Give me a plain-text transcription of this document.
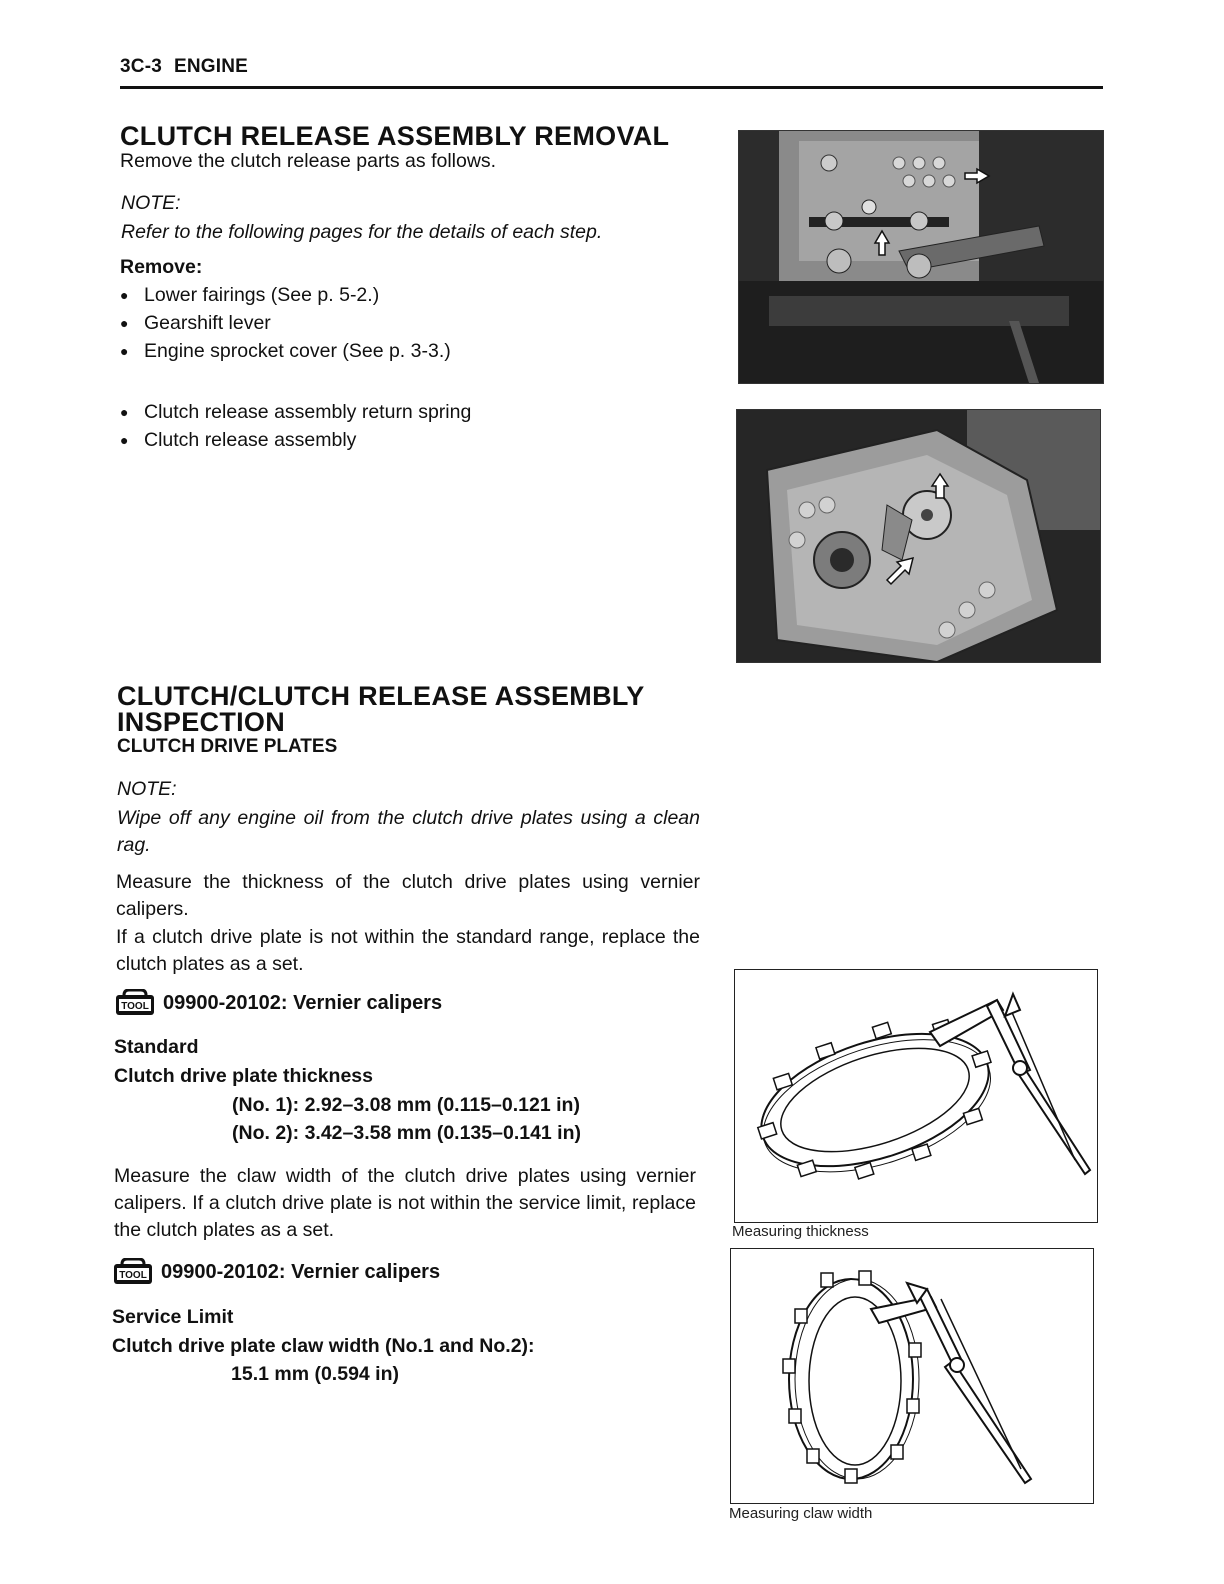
3C-3 ENGINE
CLUTCH RELEASE ASSEMBLY REMOVAL
Remove the clutch release parts as follows.
NOTE:
Refer to the following pages for the details of each step.
Remove:
● Lower fairings (See p. 5-2.)
● Gearshift lever
● Engine sprocket cover (See p. 3-3.)
● Clutch release assembly return spring
● Clutch release assembly
CLUTCH/CLUTCH RELEASE ASSEMBLY
INSPECTION
CLUTCH DRIVE PLATES
NOTE:
Wipe off any engine oil from the clutch drive plates using a clean rag.
Measure the thickness of the clutch drive plates using vernier calipers.
If a clutch drive plate is not within the standard range, replace the clutch plates as a set.
TOOL 09900-20102: Vernier calipers
Standard
Clutch drive plate thickness
(No. 1): 2.92–3.08 mm (0.115–0.121 in)
(No. 2): 3.42–3.58 mm (0.135–0.141 in)
Measure the claw width of the clutch drive plates using vernier calipers. If a clutch drive plate is not within the service limit, replace the clutch plates as a set.
TOOL 09900-20102: Vernier calipers
Service Limit
Clutch drive plate claw width (No.1 and No.2):
15.1 mm (0.594 in)
Measuring thickness
Measuring claw width
